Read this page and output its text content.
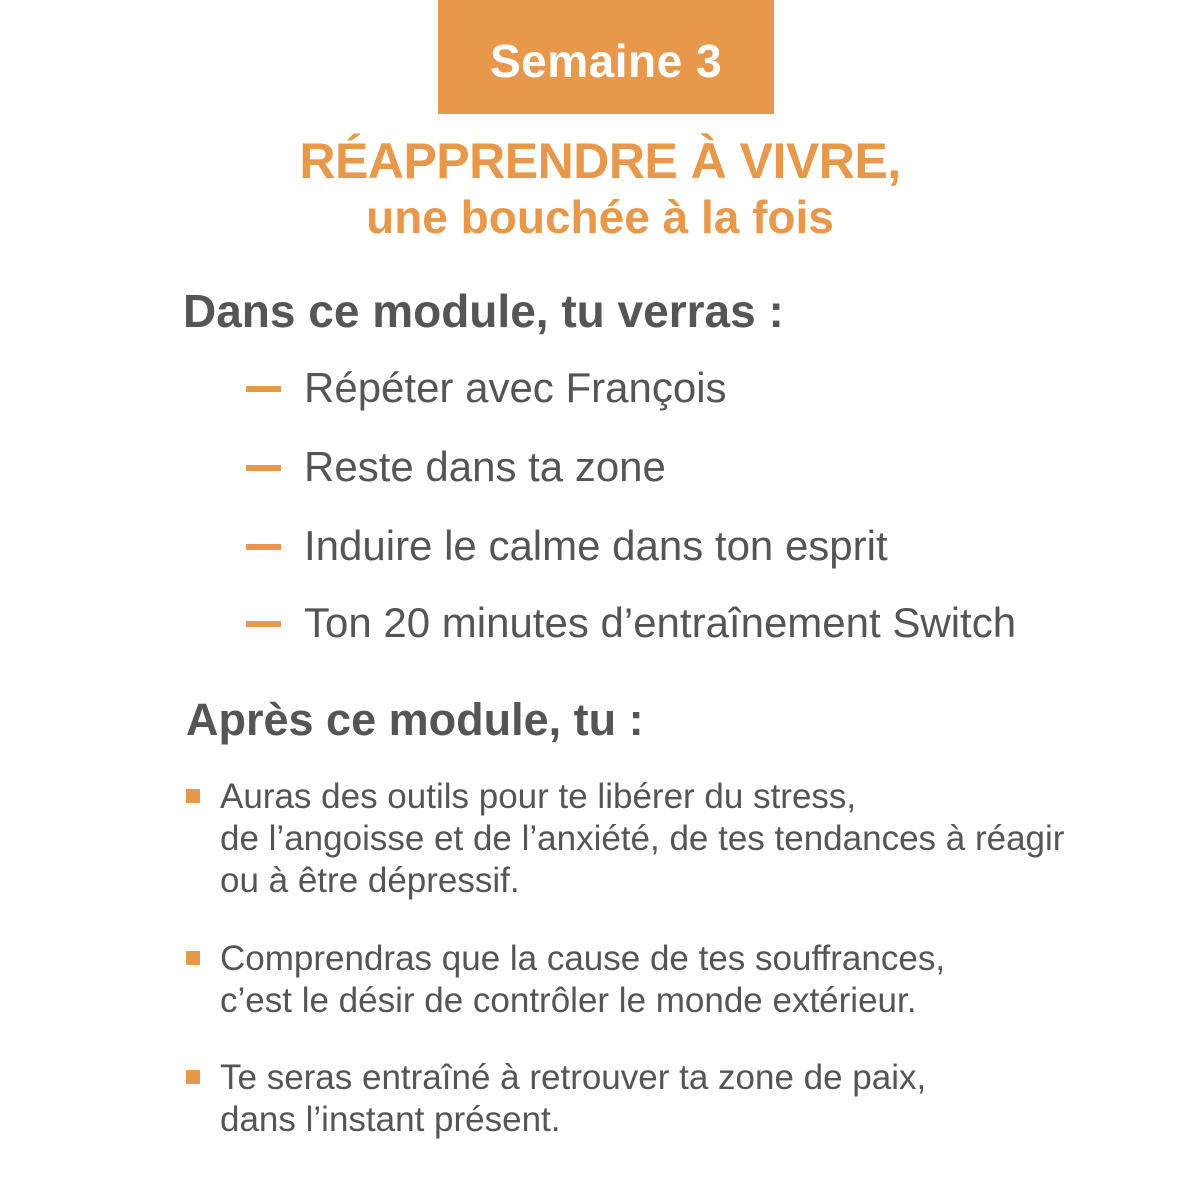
Semaine 3
RÉAPPRENDRE À VIVRE,
une bouchée à la fois
Dans ce module, tu verras :
Répéter avec François
Reste dans ta zone
Induire le calme dans ton esprit
Ton 20 minutes d’entraînement Switch
Après ce module, tu :
Auras des outils pour te libérer du stress,
de l’angoisse et de l’anxiété, de tes tendances à réagir
ou à être dépressif.
Comprendras que la cause de tes souffrances,
c’est le désir de contrôler le monde extérieur.
Te seras entraîné à retrouver ta zone de paix,
dans l’instant présent.
